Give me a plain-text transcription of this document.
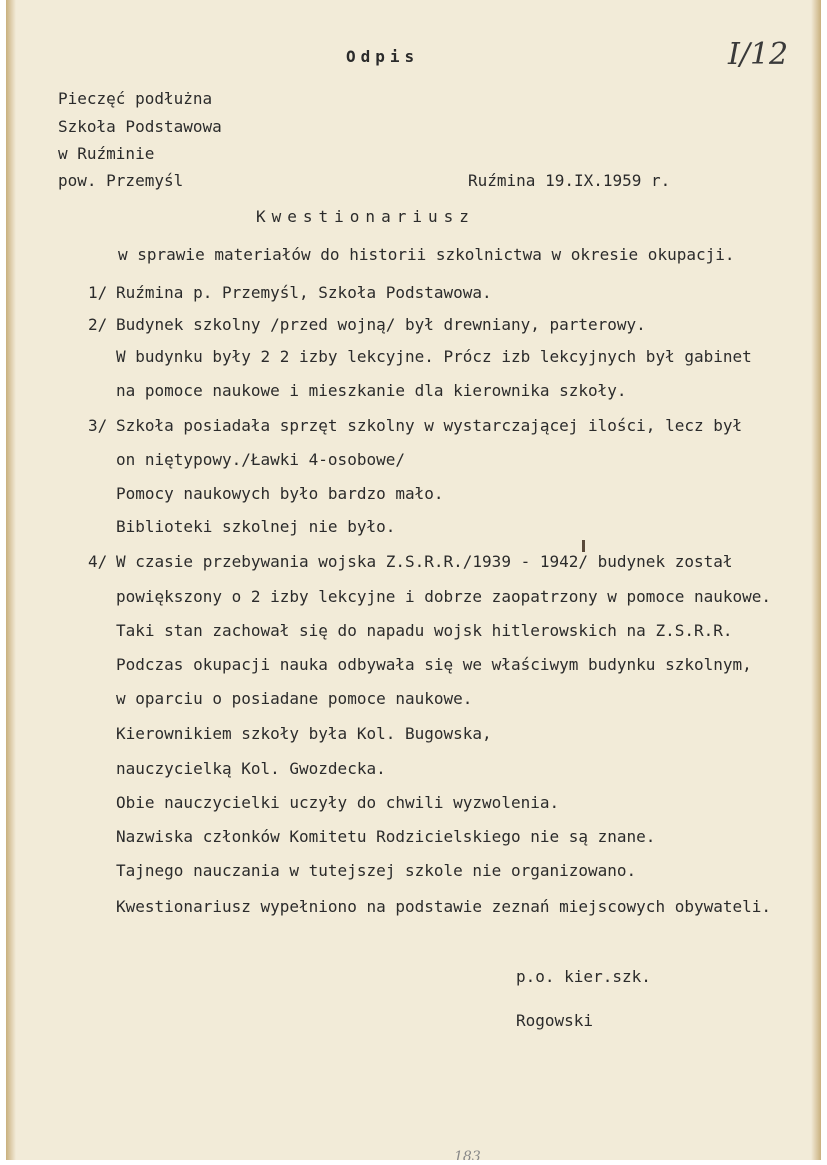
Odpis	I/12
Pieczęć podłużna
Szkoła Podstawowa
w Ruźminie
pow. Przemyśl	Ruźmina 19.IX.1959 r.
Kwestionariusz
w sprawie materiałów do historii szkolnictwa w okresie okupacji.
1/ Ruźmina p. Przemyśl, Szkoła Podstawowa.
2/ Budynek szkolny /przed wojną/ był drewniany, parterowy.
W budynku były 2 2 izby lekcyjne. Prócz izb lekcyjnych był gabinet
na pomoce naukowe i mieszkanie dla kierownika szkoły.
3/ Szkoła posiadała sprzęt szkolny w wystarczającej ilości, lecz był
on niętypowy./Ławki 4-osobowe/
Pomocy naukowych było bardzo mało.
Biblioteki szkolnej nie było.
4/ W czasie przebywania wojska Z.S.R.R./1939 - 1942/ budynek został
powiększony o 2 izby lekcyjne i dobrze zaopatrzony w pomoce naukowe.
Taki stan zachował się do napadu wojsk hitlerowskich na Z.S.R.R.
Podczas okupacji nauka odbywała się we właściwym budynku szkolnym,
w oparciu o posiadane pomoce naukowe.
Kierownikiem szkoły była Kol. Bugowska,
nauczycielką Kol. Gwozdecka.
Obie nauczycielki uczyły do chwili wyzwolenia.
Nazwiska członków Komitetu Rodzicielskiego nie są znane.
Tajnego nauczania w tutejszej szkole nie organizowano.
Kwestionariusz wypełniono na podstawie zeznań miejscowych obywateli.
p.o. kier.szk.
Rogowski
183
